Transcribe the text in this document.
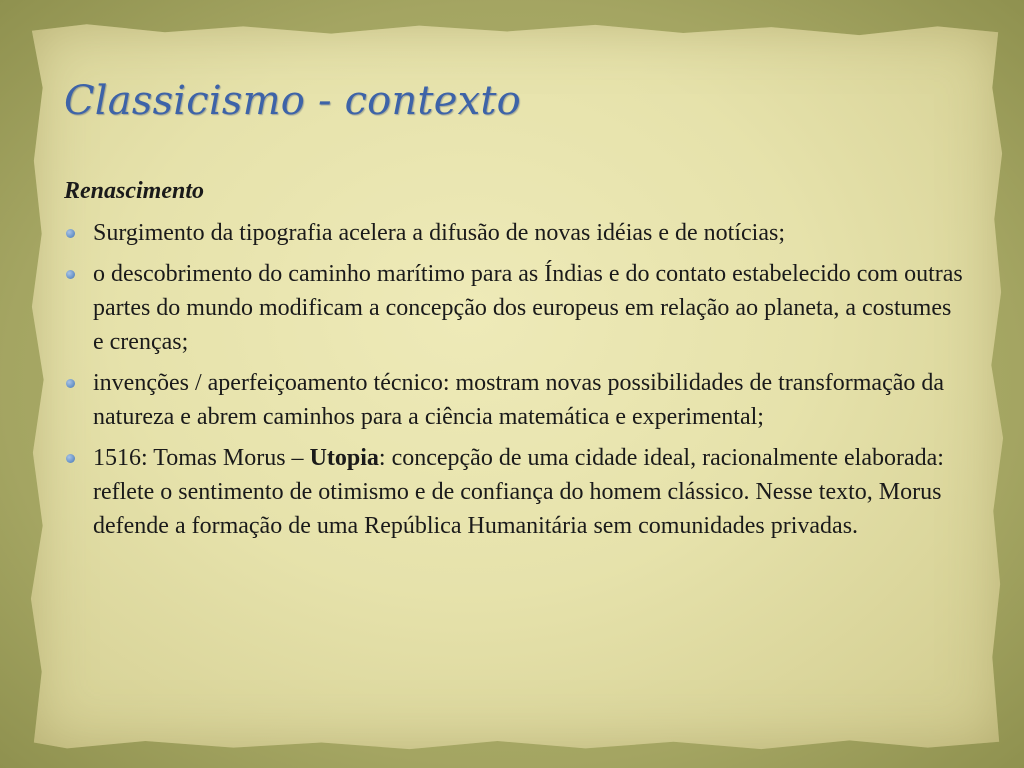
Classicismo - contexto
Renascimento
Surgimento da tipografia acelera a difusão de novas idéias e de notícias;
o descobrimento do caminho marítimo para as Índias e do contato estabelecido com outras partes do mundo modificam a concepção dos europeus em relação ao planeta, a costumes e crenças;
invenções / aperfeiçoamento técnico: mostram novas possibilidades de transformação da natureza e abrem caminhos para a ciência matemática e experimental;
1516: Tomas Morus – Utopia: concepção de uma cidade ideal, racionalmente elaborada: reflete o sentimento de otimismo e de confiança do homem clássico. Nesse texto, Morus defende a formação de uma República Humanitária sem comunidades privadas.
